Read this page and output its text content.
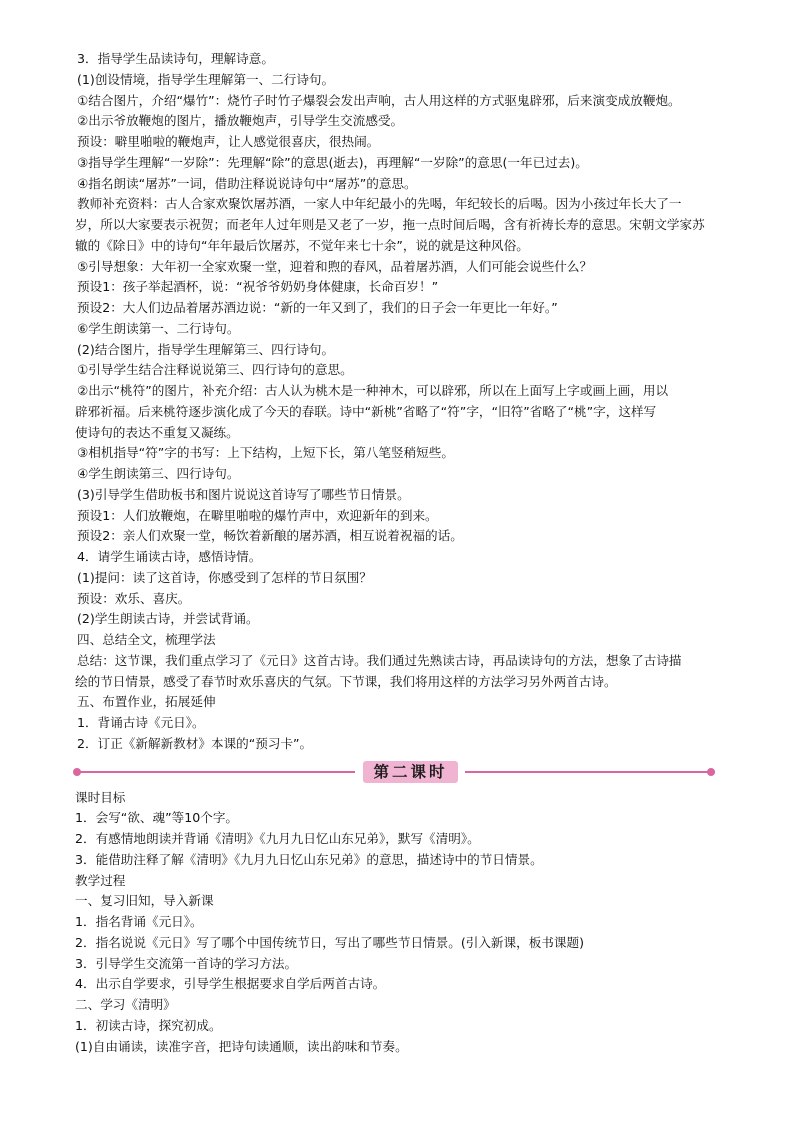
3．指导学生品读诗句，理解诗意。
(1)创设情境，指导学生理解第一、二行诗句。
①结合图片，介绍“爆竹”：烧竹子时竹子爆裂会发出声响，古人用这样的方式驱鬼辟邪，后来演变成放鞭炮。
②出示爷放鞭炮的图片，播放鞭炮声，引导学生交流感受。
预设：噼里啪啦的鞭炮声，让人感觉很喜庆，很热闹。
③指导学生理解“一岁除”：先理解“除”的意思(逝去)，再理解“一岁除”的意思(一年已过去)。
④指名朗读“屠苏”一词，借助注释说说诗句中“屠苏”的意思。
教师补充资料：古人合家欢聚饮屠苏酒，一家人中年纪最小的先喝，年纪较长的后喝。因为小孩过年长大了一
岁，所以大家要表示祝贺；而老年人过年则是又老了一岁，拖一点时间后喝，含有祈祷长寿的意思。宋朝文学家苏
辙的《除日》中的诗句“年年最后饮屠苏，不觉年来七十余”，说的就是这种风俗。
⑤引导想象：大年初一全家欢聚一堂，迎着和煦的春风，品着屠苏酒，人们可能会说些什么？
预设1：孩子举起酒杯，说：“祝爷爷奶奶身体健康，长命百岁！”
预设2：大人们边品着屠苏酒边说：“新的一年又到了，我们的日子会一年更比一年好。”
⑥学生朗读第一、二行诗句。
(2)结合图片，指导学生理解第三、四行诗句。
①引导学生结合注释说说第三、四行诗句的意思。
②出示“桃符”的图片，补充介绍：古人认为桃木是一种神木，可以辟邪，所以在上面写上字或画上画，用以
辟邪祈福。后来桃符逐步演化成了今天的春联。诗中“新桃”省略了“符”字，“旧符”省略了“桃”字，这样写
使诗句的表达不重复又凝练。
③相机指导“符”字的书写：上下结构，上短下长，第八笔竖稍短些。
④学生朗读第三、四行诗句。
(3)引导学生借助板书和图片说说这首诗写了哪些节日情景。
预设1：人们放鞭炮，在噼里啪啦的爆竹声中，欢迎新年的到来。
预设2：亲人们欢聚一堂，畅饮着新酿的屠苏酒，相互说着祝福的话。
4．请学生诵读古诗，感悟诗情。
(1)提问：读了这首诗，你感受到了怎样的节日氛围？
预设：欢乐、喜庆。
(2)学生朗读古诗，并尝试背诵。
四、总结全文，梳理学法
总结：这节课，我们重点学习了《元日》这首古诗。我们通过先熟读古诗，再品读诗句的方法，想象了古诗描
绘的节日情景，感受了春节时欢乐喜庆的气氛。下节课，我们将用这样的方法学习另外两首古诗。
五、布置作业，拓展延伸
1．背诵古诗《元日》。
2．订正《新解新教材》本课的“预习卡”。
第二课时
课时目标
1．会写“欲、魂”等10个字。
2．有感情地朗读并背诵《清明》《九月九日忆山东兄弟》，默写《清明》。
3．能借助注释了解《清明》《九月九日忆山东兄弟》的意思，描述诗中的节日情景。
教学过程
一、复习旧知，导入新课
1．指名背诵《元日》。
2．指名说说《元日》写了哪个中国传统节日，写出了哪些节日情景。(引入新课，板书课题)
3．引导学生交流第一首诗的学习方法。
4．出示自学要求，引导学生根据要求自学后两首古诗。
二、学习《清明》
1．初读古诗，探究初成。
(1)自由诵读，读准字音，把诗句读通顺，读出韵味和节奏。
